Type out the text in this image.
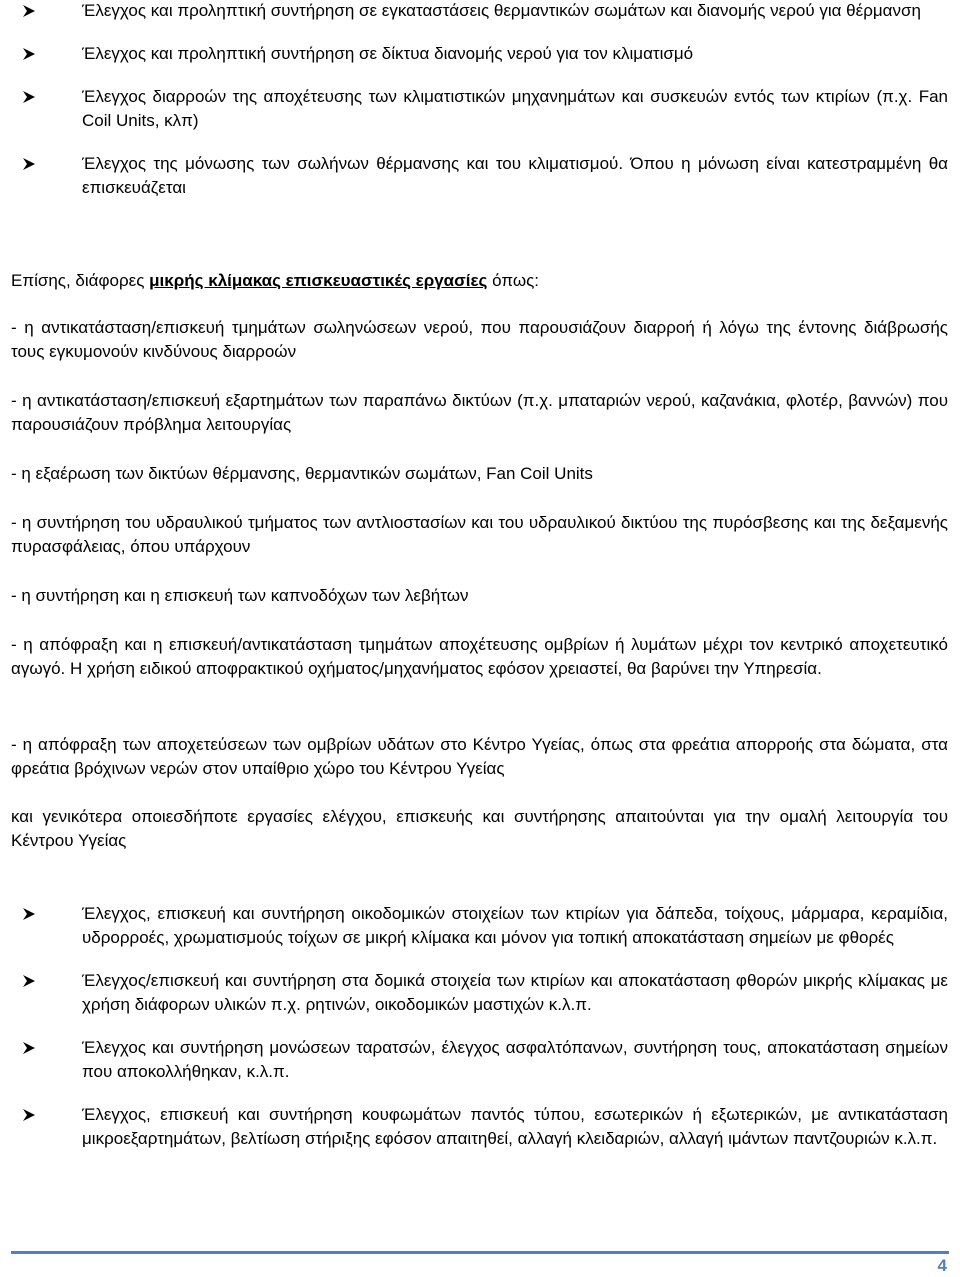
Έλεγχος και προληπτική συντήρηση σε εγκαταστάσεις θερμαντικών σωμάτων και διανομής νερού για θέρμανση
Έλεγχος και προληπτική συντήρηση σε δίκτυα διανομής νερού για τον κλιματισμό
Έλεγχος διαρροών της αποχέτευσης των κλιματιστικών μηχανημάτων και συσκευών εντός των κτιρίων (π.χ. Fan Coil Units, κλπ)
Έλεγχος της μόνωσης των σωλήνων θέρμανσης και του κλιματισμού. Όπου η μόνωση είναι κατεστραμμένη θα επισκευάζεται
Επίσης, διάφορες μικρής κλίμακας επισκευαστικές εργασίες όπως:
- η αντικατάσταση/επισκευή τμημάτων σωληνώσεων νερού, που παρουσιάζουν διαρροή ή λόγω της έντονης διάβρωσής τους εγκυμονούν κινδύνους διαρροών
- η αντικατάσταση/επισκευή εξαρτημάτων των παραπάνω δικτύων (π.χ. μπαταριών νερού, καζανάκια, φλοτέρ, βαννών) που παρουσιάζουν πρόβλημα λειτουργίας
- η εξαέρωση των δικτύων θέρμανσης, θερμαντικών σωμάτων, Fan Coil Units
- η συντήρηση του υδραυλικού τμήματος των αντλιοστασίων και του υδραυλικού δικτύου της πυρόσβεσης και της δεξαμενής πυρασφάλειας, όπου υπάρχουν
- η συντήρηση και η επισκευή των καπνοδόχων των λεβήτων
- η απόφραξη και η επισκευή/αντικατάσταση τμημάτων αποχέτευσης ομβρίων ή λυμάτων μέχρι τον κεντρικό αποχετευτικό αγωγό. Η χρήση ειδικού αποφρακτικού οχήματος/μηχανήματος εφόσον χρειαστεί, θα βαρύνει την Υπηρεσία.
- η απόφραξη των αποχετεύσεων των ομβρίων υδάτων στο Κέντρο Υγείας, όπως στα φρεάτια απορροής στα δώματα, στα φρεάτια βρόχινων νερών στον υπαίθριο χώρο του Κέντρου Υγείας
και γενικότερα οποιεσδήποτε εργασίες ελέγχου, επισκευής και συντήρησης απαιτούνται για την ομαλή λειτουργία του Κέντρου Υγείας
Έλεγχος, επισκευή και συντήρηση οικοδομικών στοιχείων των κτιρίων για δάπεδα, τοίχους, μάρμαρα, κεραμίδια, υδρορροές, χρωματισμούς τοίχων σε μικρή κλίμακα και μόνον για τοπική αποκατάσταση σημείων με φθορές
Έλεγχος/επισκευή και συντήρηση στα δομικά στοιχεία των κτιρίων και αποκατάσταση φθορών μικρής κλίμακας με χρήση διάφορων υλικών π.χ. ρητινών, οικοδομικών μαστιχών κ.λ.π.
Έλεγχος και συντήρηση μονώσεων ταρατσών, έλεγχος ασφαλτόπανων, συντήρηση τους, αποκατάσταση σημείων που αποκολλήθηκαν, κ.λ.π.
Έλεγχος, επισκευή και συντήρηση κουφωμάτων παντός τύπου, εσωτερικών ή εξωτερικών, με αντικατάσταση μικροεξαρτημάτων, βελτίωση στήριξης εφόσον απαιτηθεί, αλλαγή κλειδαριών, αλλαγή ιμάντων παντζουριών κ.λ.π.
4
